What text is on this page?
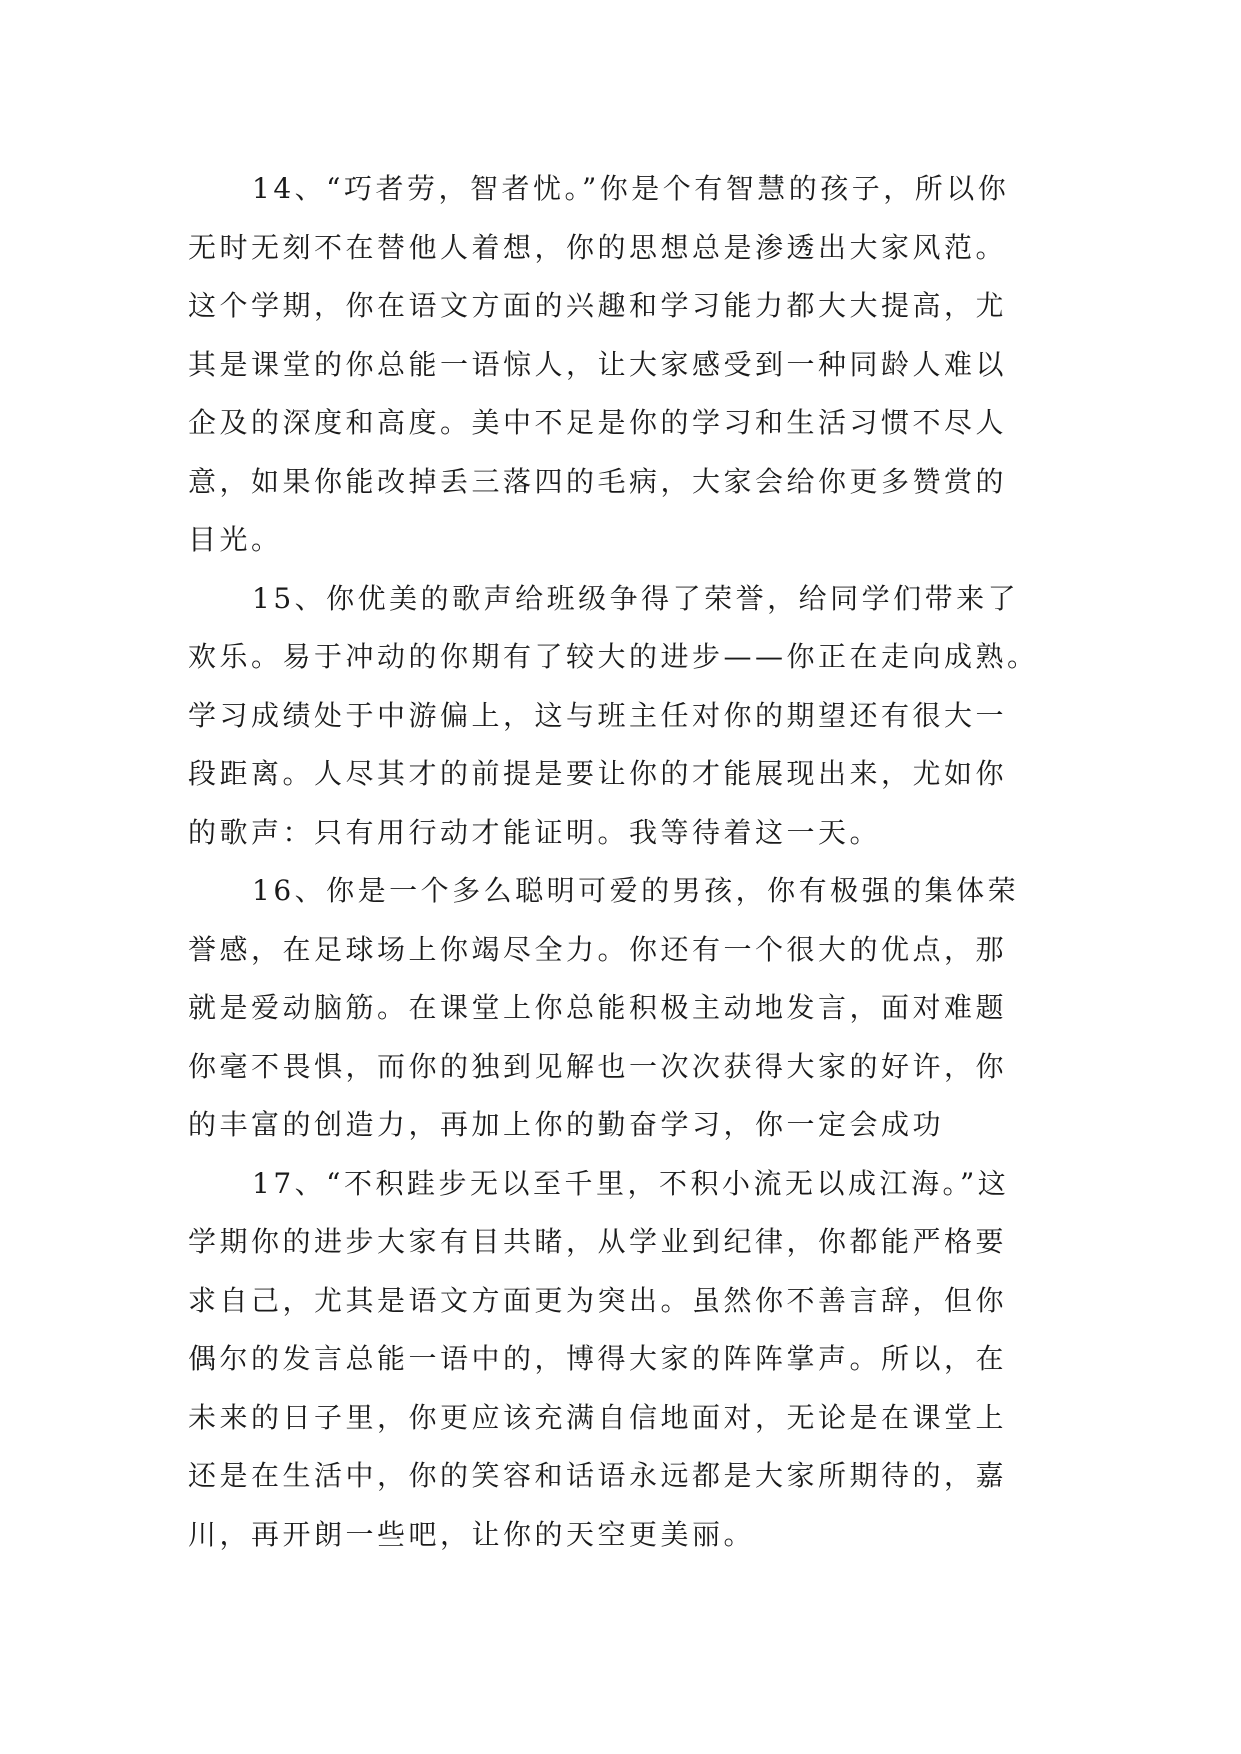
14、“巧者劳，智者忧。”你是个有智慧的孩子，所以你
无时无刻不在替他人着想，你的思想总是渗透出大家风范。
这个学期，你在语文方面的兴趣和学习能力都大大提高，尤
其是课堂的你总能一语惊人，让大家感受到一种同龄人难以
企及的深度和高度。美中不足是你的学习和生活习惯不尽人
意，如果你能改掉丢三落四的毛病，大家会给你更多赞赏的
目光。
15、你优美的歌声给班级争得了荣誉，给同学们带来了
欢乐。易于冲动的你期有了较大的进步——你正在走向成熟。
学习成绩处于中游偏上，这与班主任对你的期望还有很大一
段距离。人尽其才的前提是要让你的才能展现出来，尤如你
的歌声：只有用行动才能证明。我等待着这一天。
16、你是一个多么聪明可爱的男孩，你有极强的集体荣
誉感，在足球场上你竭尽全力。你还有一个很大的优点，那
就是爱动脑筋。在课堂上你总能积极主动地发言，面对难题
你毫不畏惧，而你的独到见解也一次次获得大家的好许，你
的丰富的创造力，再加上你的勤奋学习，你一定会成功
17、“不积跬步无以至千里，不积小流无以成江海。”这
学期你的进步大家有目共睹，从学业到纪律，你都能严格要
求自己，尤其是语文方面更为突出。虽然你不善言辞，但你
偶尔的发言总能一语中的，博得大家的阵阵掌声。所以，在
未来的日子里，你更应该充满自信地面对，无论是在课堂上
还是在生活中，你的笑容和话语永远都是大家所期待的，嘉
川，再开朗一些吧，让你的天空更美丽。
